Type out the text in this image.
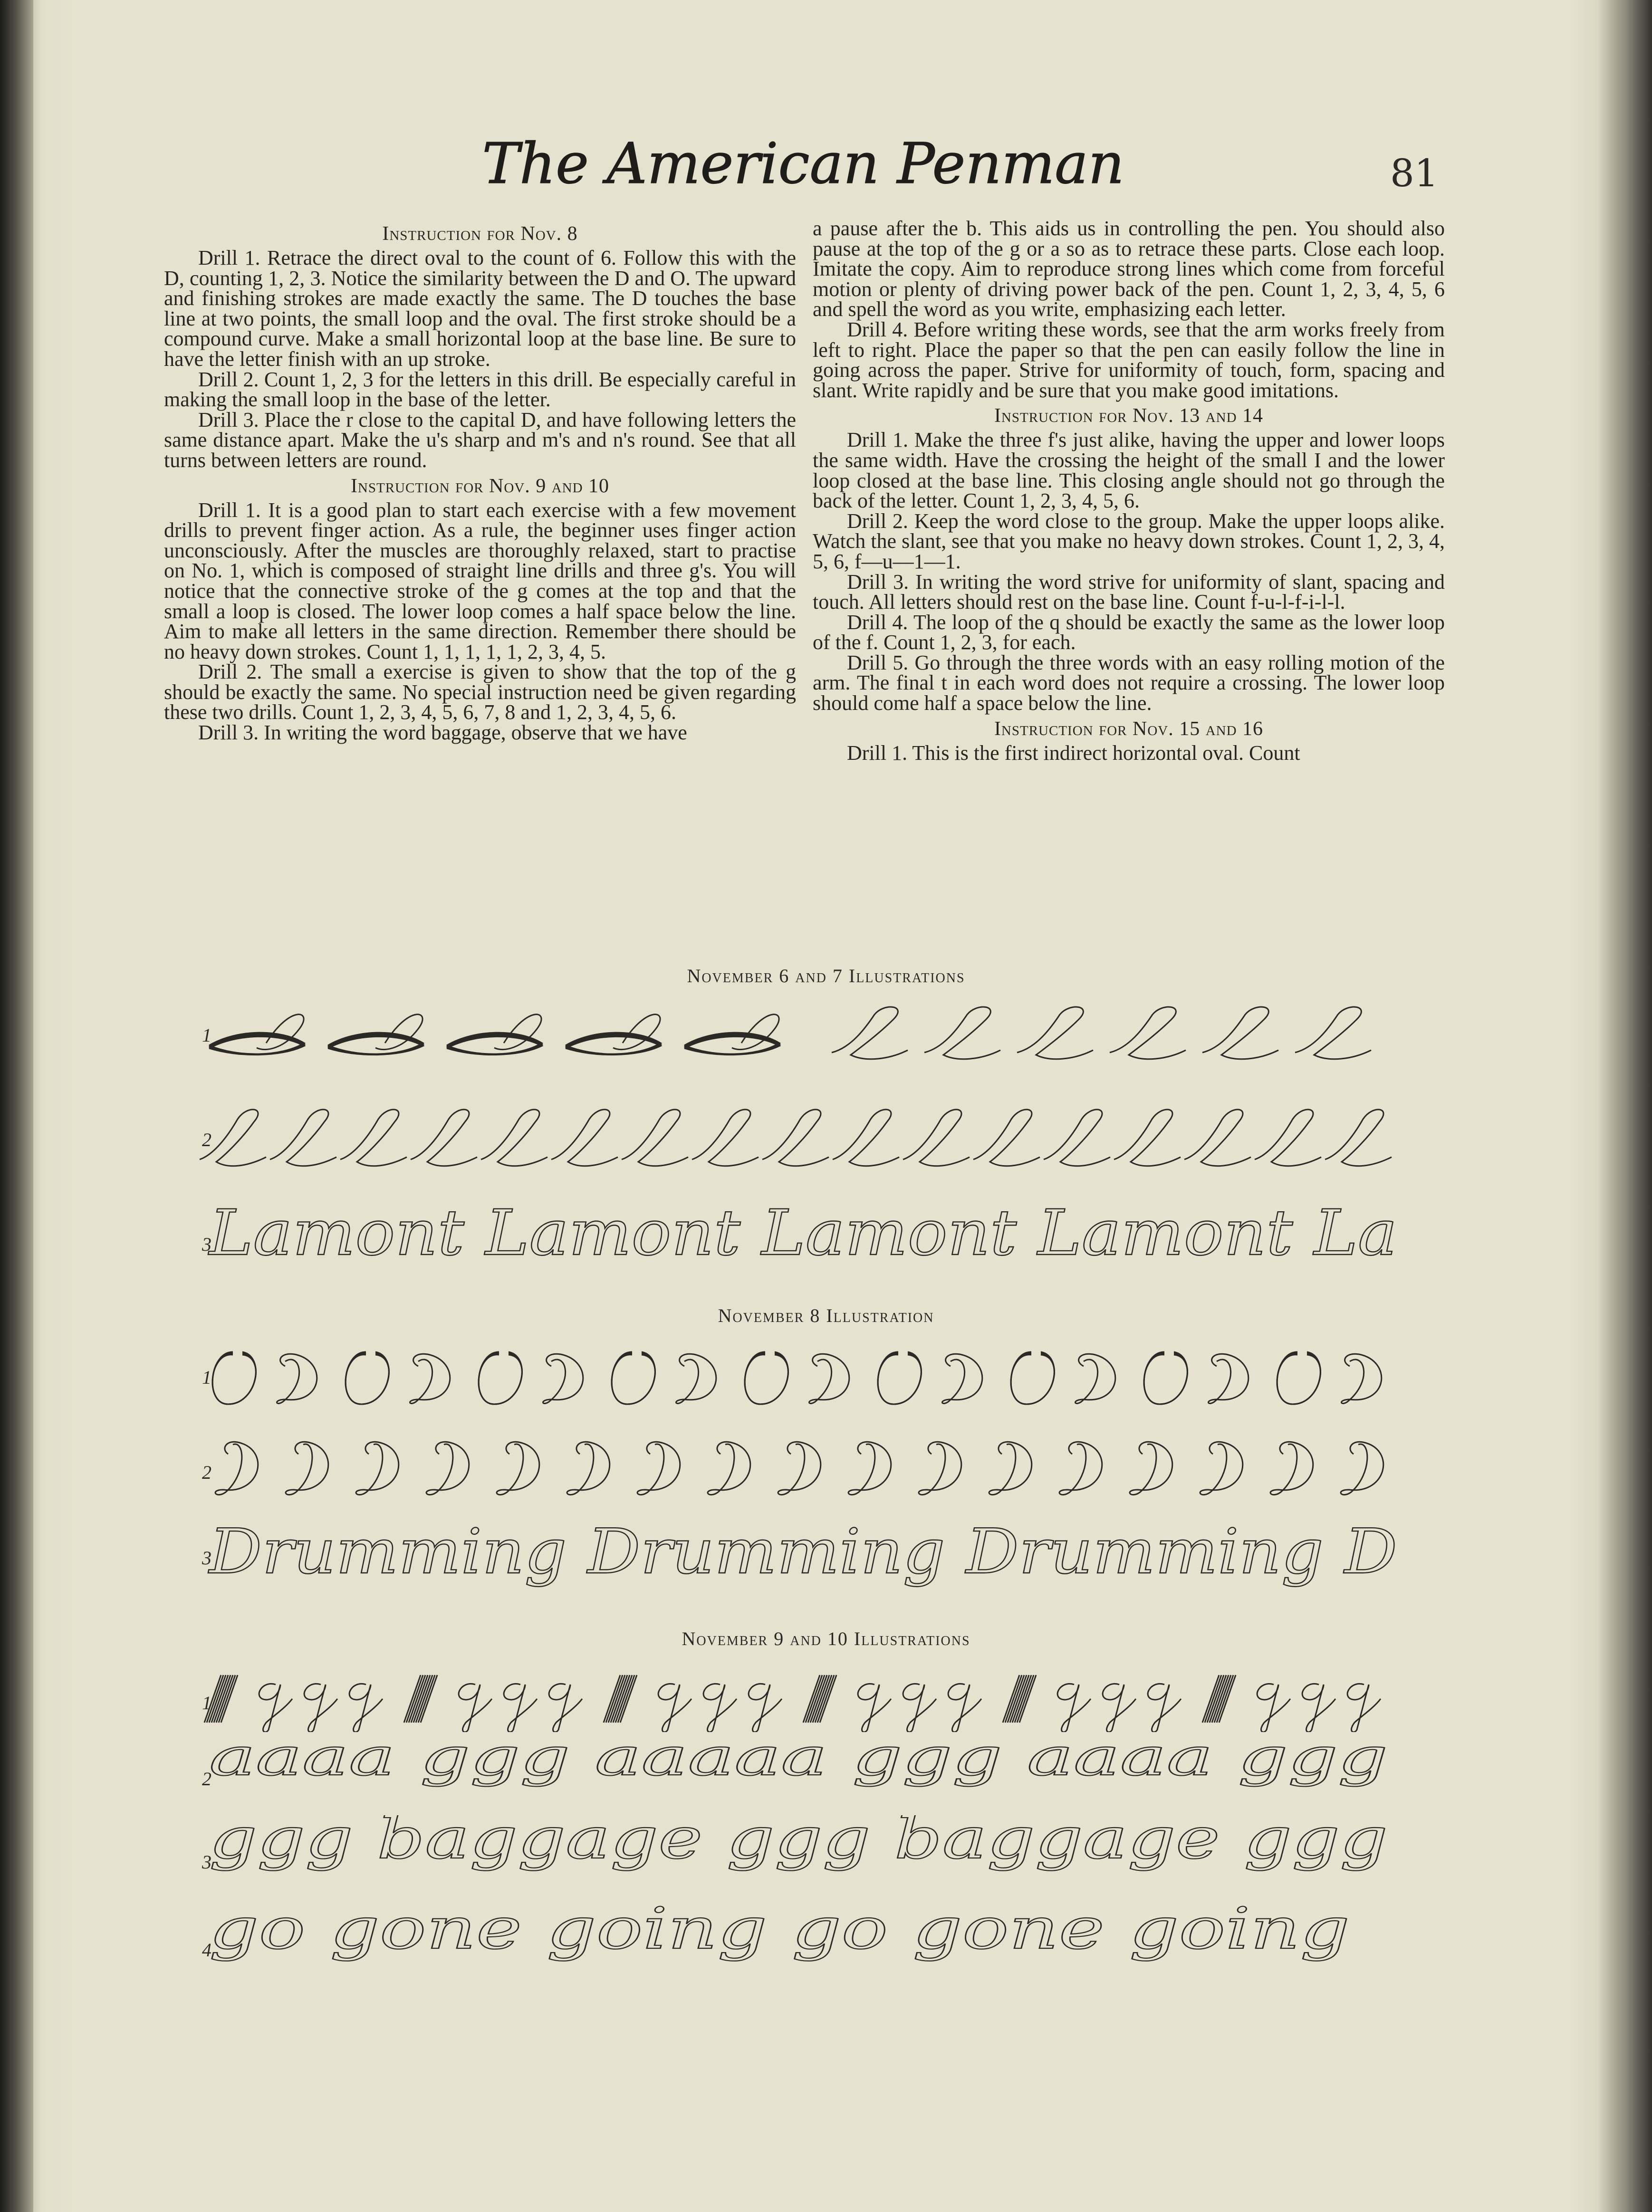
The American Penman	81
Instruction for Nov. 8

Drill 1. Retrace the direct oval to the count of 6. Follow this with the D, counting 1, 2, 3. Notice the similarity between the D and O. The upward and finishing strokes are made exactly the same. The D touches the base line at two points, the small loop and the oval. The first stroke should be a compound curve. Make a small horizontal loop at the base line. Be sure to have the letter finish with an up stroke.

Drill 2. Count 1, 2, 3 for the letters in this drill. Be especially careful in making the small loop in the base of the letter.

Drill 3. Place the r close to the capital D, and have following letters the same distance apart. Make the u's sharp and m's and n's round. See that all turns between letters are round.

Instruction for Nov. 9 and 10

Drill 1. It is a good plan to start each exercise with a few movement drills to prevent finger action. As a rule, the beginner uses finger action unconsciously. After the muscles are thoroughly relaxed, start to practise on No. 1, which is composed of straight line drills and three g's. You will notice that the connective stroke of the g comes at the top and that the small a loop is closed. The lower loop comes a half space below the line. Aim to make all letters in the same direction. Remember there should be no heavy down strokes. Count 1, 1, 1, 1, 1, 2, 3, 4, 5.

Drill 2. The small a exercise is given to show that the top of the g should be exactly the same. No special instruction need be given regarding these two drills. Count 1, 2, 3, 4, 5, 6, 7, 8 and 1, 2, 3, 4, 5, 6.

Drill 3. In writing the word baggage, observe that we have

a pause after the b. This aids us in controlling the pen. You should also pause at the top of the g or a so as to retrace these parts. Close each loop. Imitate the copy. Aim to reproduce strong lines which come from forceful motion or plenty of driving power back of the pen. Count 1, 2, 3, 4, 5, 6 and spell the word as you write, emphasizing each letter.

Drill 4. Before writing these words, see that the arm works freely from left to right. Place the paper so that the pen can easily follow the line in going across the paper. Strive for uniformity of touch, form, spacing and slant. Write rapidly and be sure that you make good imitations.

Instruction for Nov. 13 and 14

Drill 1. Make the three f's just alike, having the upper and lower loops the same width. Have the crossing the height of the small I and the lower loop closed at the base line. This closing angle should not go through the back of the letter. Count 1, 2, 3, 4, 5, 6.

Drill 2. Keep the word close to the group. Make the upper loops alike. Watch the slant, see that you make no heavy down strokes. Count 1, 2, 3, 4, 5, 6, f—u—1—1.

Drill 3. In writing the word strive for uniformity of slant, spacing and touch. All letters should rest on the base line. Count f-u-l-f-i-l-l.

Drill 4. The loop of the q should be exactly the same as the lower loop of the f. Count 1, 2, 3, for each.

Drill 5. Go through the three words with an easy rolling motion of the arm. The final t in each word does not require a crossing. The lower loop should come half a space below the line.

Instruction for Nov. 15 and 16

Drill 1. This is the first indirect horizontal oval. Count

November 6 and 7 Illustrations
1
2
3
Lamont Lamont Lamont Lamont La
November 8 Illustration
1
2
3
Drumming Drumming Drumming D
November 9 and 10 Illustrations
1
2
aaaa ggg aaaaa ggg aaaa ggg
3
ggg baggage ggg baggage ggg
4
go gone going go gone going
